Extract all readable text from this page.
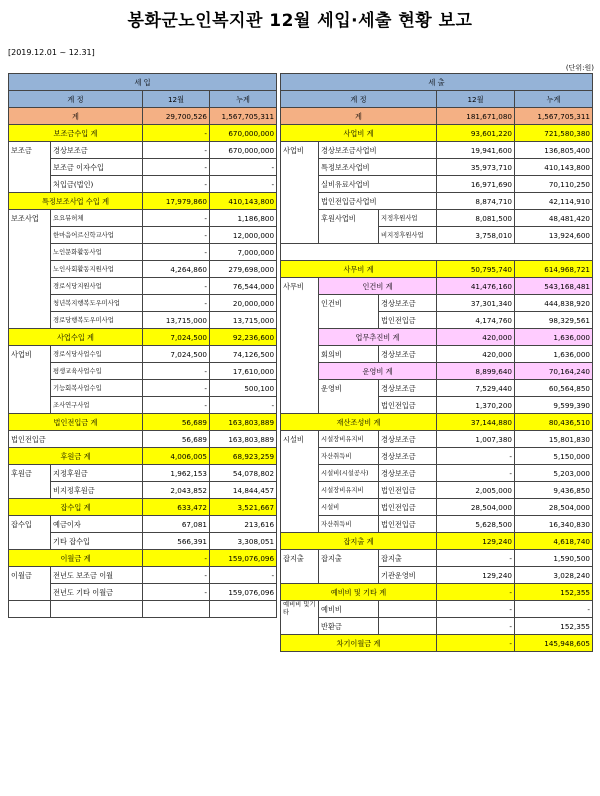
봉화군노인복지관 12월 세입·세출 현황 보고
[2019.12.01 ~ 12.31]
(단위:원)
세 입			
계 정		12월	누계
계		29,700,526	1,567,705,311
보조금수입 계		-	670,000,000
보조금	경상보조금	-	670,000,000
	보조금 이자수입	-	-
	처입금(법인)	-	-
특정보조사업 수입 계		17,979,860	410,143,800
보조사업	요요뮤허체	-	1,186,800
	한마음어르신학교사업	-	12,000,000
	노인문화활동사업	-	7,000,000
	노인사회활동지원사업	4,264,860	279,698,000
	경로식당지원사업	-	76,544,000
	청년복지행복도우미사업	-	20,000,000
	경로당행복도우미사업	13,715,000	13,715,000
사업수입 계		7,024,500	92,236,600
사업비	경로식당사업수입	7,024,500	74,126,500
	평생교육사업수입	-	17,610,000
	기능회복사업수입	-	500,100
	조사연구사업	-	-
법인전입금 계		56,689	163,803,889
법인전입금		56,689	163,803,889
후원금 계		4,006,005	68,923,259
후원금	지정후원금	1,962,153	54,078,802
	비지정후원금	2,043,852	14,844,457
잡수입 계		633,472	3,521,667
잡수입	예금이자	67,081	213,616
	기타 잡수입	566,391	3,308,051
이월금 계		-	159,076,096
이월금	전년도 보조금 이월	-	-
	전년도 기타 이월금	-	159,076,096

세 출				
계 정			12월	누계
계			181,671,080	1,567,705,311
사업비 계			93,601,220	721,580,380
사업비	경상보조금사업비		19,941,600	136,805,400
	특정보조사업비		35,973,710	410,143,800
	실비유료사업비		16,971,690	70,110,250
	법인전입금사업비		8,874,710	42,114,910
	후원사업비	지정후원사업	8,081,500	48,481,420
		비지정후원사업	3,758,010	13,924,600

사무비 계			50,795,740	614,968,721
사무비	인건비 계		41,476,160	543,168,481
	인건비	경상보조금	37,301,340	444,838,920
		법인전입금	4,174,760	98,329,561
	업무추진비 계		420,000	1,636,000
	회의비	경상보조금	420,000	1,636,000
	운영비 계		8,899,640	70,164,240
	운영비	경상보조금	7,529,440	60,564,850
		법인전입금	1,370,200	9,599,390
재산조성비 계			37,144,880	80,436,510
시설비	시설장비유지비	경상보조금	1,007,380	15,801,830
	자산취득비	경상보조금	-	5,150,000
	시설비(시설공사)	경상보조금	-	5,203,000
	시설장비유지비	법인전입금	2,005,000	9,436,850
	시설비	법인전입금	28,504,000	28,504,000
	자산취득비	법인전입금	5,628,500	16,340,830
잡지출 계			129,240	4,618,740
잡지출	잡지출	잡지출	-	1,590,500
		기관운영비	129,240	3,028,240
예비비 및 기타 계			-	152,355
예비비 및기타	예비비		-	-
	반환금		-	152,355
차기이월금 계			-	145,948,605
